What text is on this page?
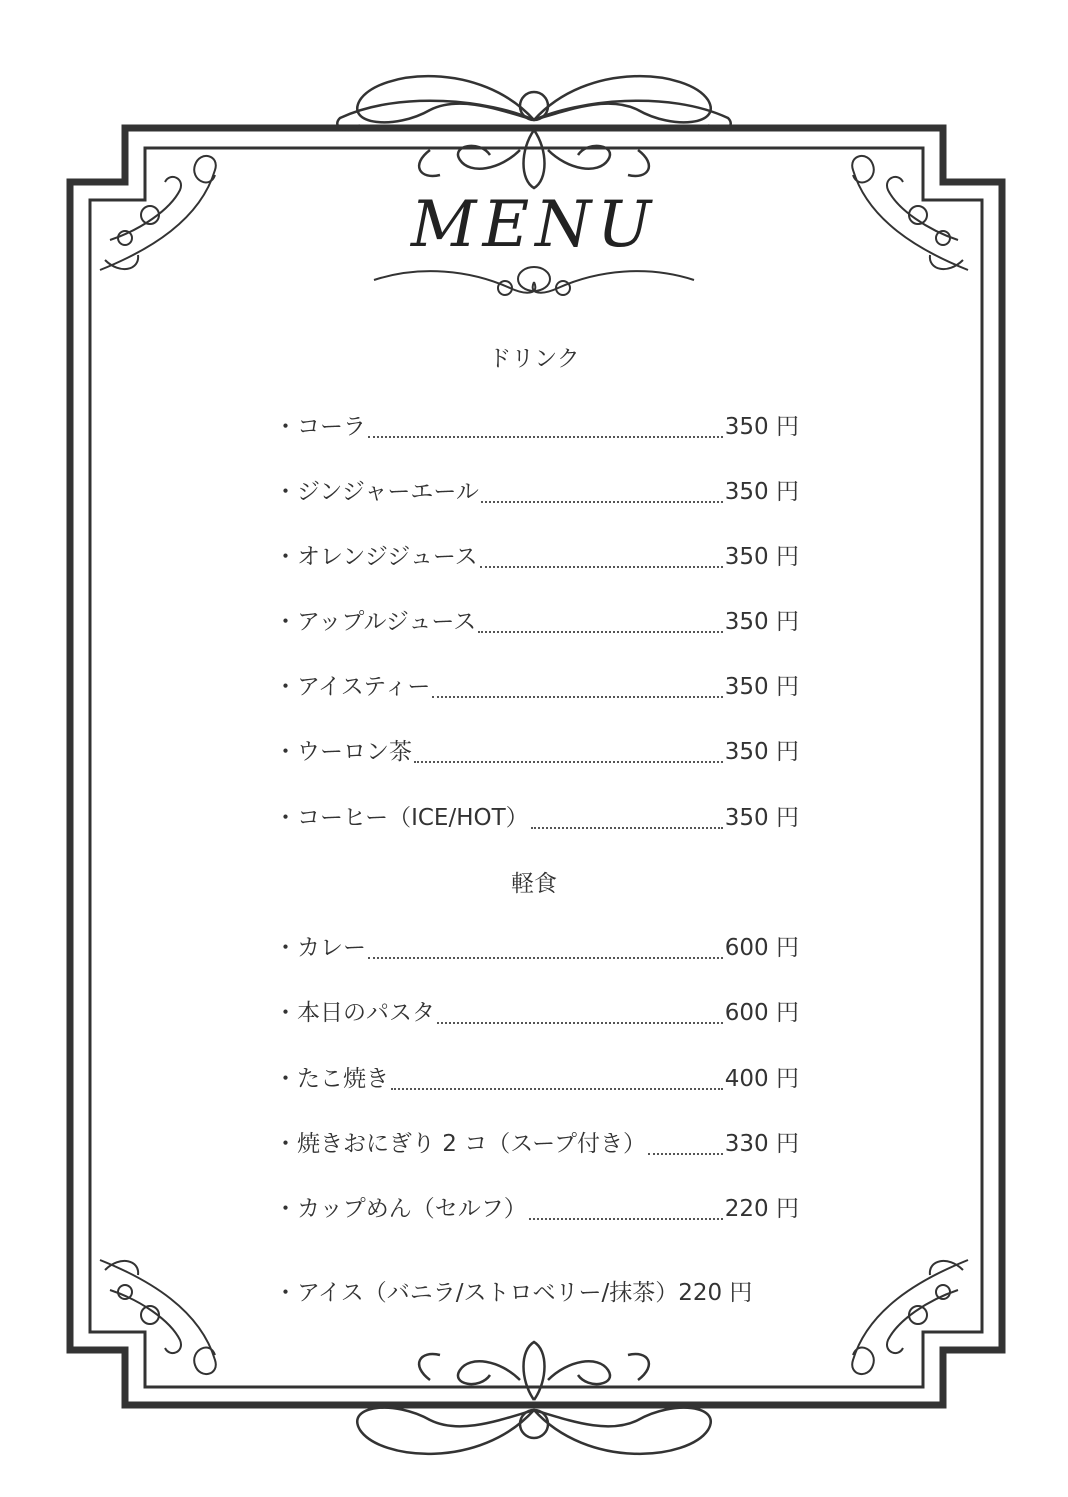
MENU
ドリンク
・コーラ	350 円
・ジンジャーエール	350 円
・オレンジジュース	350 円
・アップルジュース	350 円
・アイスティー	350 円
・ウーロン茶	350 円
・コーヒー（ICE/HOT）	350 円
軽食
・カレー	600 円
・本日のパスタ	600 円
・たこ焼き	400 円
・焼きおにぎり 2 コ（スープ付き）	330 円
・カップめん（セルフ）	220 円
・アイス（バニラ/ストロベリー/抹茶） 220 円
